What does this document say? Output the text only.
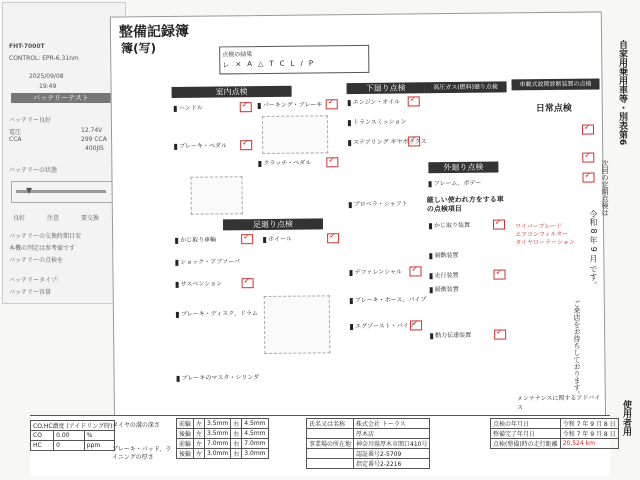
FHT-7000T
CONTROL: EPR-6.31nm
2025/09/08
19:49
バッテリーテスト
バッテリー良好
電圧	12.74V
CCA	299 CCA
400JIS
バッテリーの状態
▼
良好	注意	要交換
バッテリーの交換時期目安
本機の判定は参考値です
バッテリーの点検を
バッテリータイプ:
バッテリー容量
整備記録簿
簿(写)	点検の結果
レ × A △ T C L / P
室内点検	下廻り点検	高圧ガス(燃料)廻り点検	車載式故障診断装置の点検
日常点検
足廻り点検
外廻り点検
厳しい使われ方をする車の点検項目
ハンドル
ブレーキ・ペダル
パーキング・ブレーキ
クラッチ・ペダル
エンジン・オイル
トランスミッション
ステアリング ギヤボックス
プロペラ・シャフト
デファレンシャル
ブレーキ・ホース、パイプ
エグゾースト・パイプ
かじ取り車輪
ショック・アブソーバ
サスペンション
ブレーキ・ディスク、ドラム
ブレーキのマスタ・シリンダ
ホイール
フレーム、ボデー
かじ取り装置
制動装置
走行装置
緩衝装置
動力伝達装置
✓
✓
✓
✓
✓
✓
✓
✓
✓
✓
✓
✓
✓
✓
✓
✓
✓
ワイパーブレード
エアコンフィルター
タイヤローテーション
メンテナンスに関するアドバイス
自家用乗用車等・別表第6
次回の定期点検は
令和 8 年 9 月 です。
ご来店をお待ちしております。
使用者用
CO,HC濃度 (アイドリング時)		
CO	0.00	%
HC	0	ppm
タイヤの溝の深さ
ブレーキ・パッド、ライニングの厚さ
前輪	左	3.5mm	右	4.5mm
後輪	左	3.5mm	右	4.5mm
前輪	左	7.0mm	右	7.0mm
後輪	左	3.0mm	右	3.0mm
氏名又は名称	株式会社 トーラス
	厚木店
事業場の所在地	神奈川県厚木市関口410号
	認証番号2-5709
	指定番号2-2216
点検の年月日	令和 7 年 9 月 8 日
整備完了年月日	令和 7 年 9 月 8 日
点検(整備)時の走行距離	20,524 km
